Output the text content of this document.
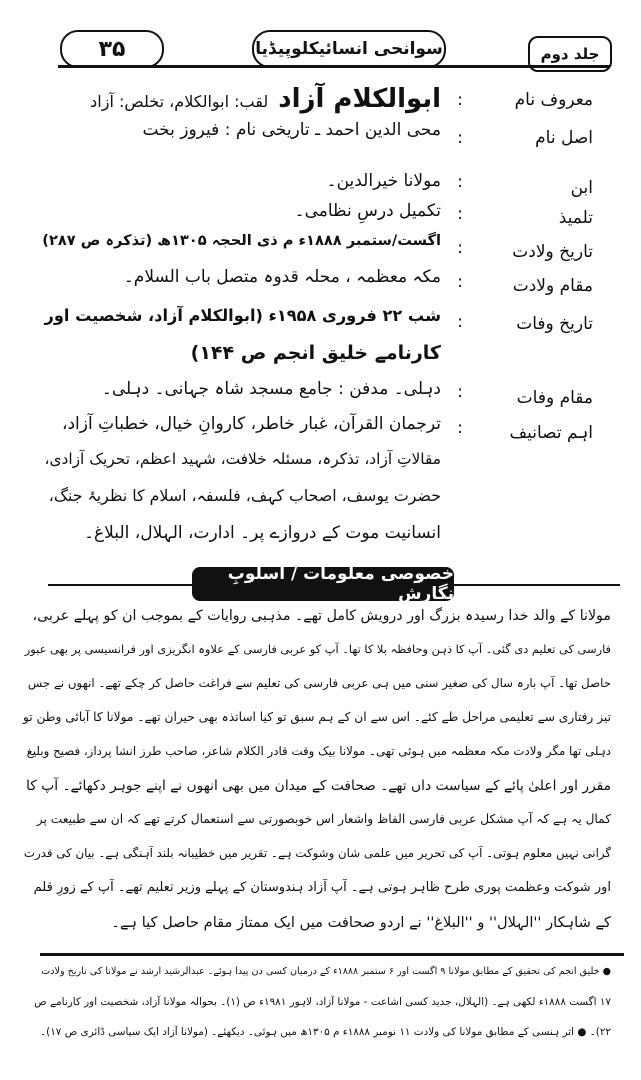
۳۵	سوانحی انسائیکلوپیڈیا	جلد دوم
معروف نام
:
ابوالکلام آزادلقب: ابوالکلام، تخلص: آزاد
اصل نام
:
محی الدین احمد ـ تاریخی نام : فیروز بخت
ابن
:
مولانا خیرالدین۔
تلمیذ
:
تکمیل درسِ نظامی۔
تاریخ ولادت
:
اگست/ستمبر ۱۸۸۸ء م ذی الحجہ ۱۳۰۵ھ (تذکرہ ص ۲۸۷)
مقام ولادت
:
مکہ معظمہ ، محلہ قدوہ متصل باب السلام۔
تاریخ وفات
:
شب ۲۲ فروری ۱۹۵۸ء (ابوالکلام آزاد، شخصیت اور
کارنامے خلیق انجم ص ۱۴۴)
مقام وفات
:
دہلی۔ مدفن : جامع مسجد شاہ جہانی۔ دہلی۔
اہم تصانیف
:
ترجمان القرآن، غبار خاطر، کاروانِ خیال، خطباتِ آزاد،
مقالاتِ آزاد، تذکرہ، مسئلہ خلافت، شہید اعظم، تحریک آزادی،
حضرت یوسف، اصحاب کہف، فلسفہ، اسلام کا نظریۂ جنگ،
انسانیت موت کے دروازے پر۔ ادارت، الہلال، البلاغ۔
خصوصی معلومات / اسلوبِ نگارش
مولانا کے والد خدا رسیدہ بزرگ اور درویش کامل تھے۔ مذہبی روایات کے بموجب ان کو پہلے عربی،
فارسی کی تعلیم دی گئی۔ آپ کا ذہن وحافظہ بلا کا تھا۔ آپ کو عربی فارسی کے علاوہ انگریزی اور فرانسیسی پر بھی عبور
حاصل تھا۔ آپ بارہ سال کی صغیر سنی میں ہی عربی فارسی کی تعلیم سے فراغت حاصل کر چکے تھے۔ انھوں نے جس
تیز رفتاری سے تعلیمی مراحل طے کئے۔ اس سے ان کے ہم سبق تو کیا اساتذہ بھی حیران تھے۔ مولانا کا آبائی وطن تو
دہلی تھا مگر ولادت مکہ معظمہ میں ہوئی تھی۔ مولانا بیک وقت قادر الکلام شاعر، صاحب طرز انشا پرداز، فصیح وبلیغ
مقرر اور اعلیٰ پائے کے سیاست داں تھے۔ صحافت کے میدان میں بھی انھوں نے اپنے جوہر دکھائے۔ آپ کا
کمال یہ ہے کہ آپ مشکل عربی فارسی الفاظ واشعار اس خوبصورتی سے استعمال کرتے تھے کہ ان سے طبیعت پر
گرانی نہیں معلوم ہوتی۔ آپ کی تحریر میں علمی شان وشوکت ہے۔ تقریر میں خطیبانہ بلند آہنگی ہے۔ بیان کی قدرت
اور شوکت وعظمت پوری طرح ظاہر ہوتی ہے۔ آپ آزاد ہندوستان کے پہلے وزیر تعلیم تھے۔ آپ کے زورِ قلم
کے شاہکار ''الہلال'' و ''البلاغ'' نے اردو صحافت میں ایک ممتاز مقام حاصل کیا ہے۔
● خلیق انجم کی تحقیق کے مطابق مولانا ۹ اگست اور ۶ ستمبر ۱۸۸۸ء کے درمیان کسی دن پیدا ہوئے۔ عبدالرشید ارشد نے مولانا کی تاریخ ولادت
۱۷ اگست ۱۸۸۸ء لکھی ہے۔ (الہلال، جدید کسی اشاعت - مولانا آزاد، لاہور ۱۹۸۱ء ص (۱)۔ بحوالہ مولانا آزاد، شخصیت اور کارنامے ص
۲۲)۔ ● اثر ہنسی کے مطابق مولانا کی ولادت ۱۱ نومبر ۱۸۸۸ء م ۱۳۰۵ھ میں ہوئی۔ دیکھئے۔ (مولانا آزاد ایک سیاسی ڈائری ص ۱۷)۔
